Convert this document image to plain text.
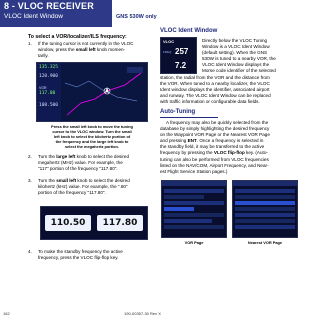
8 - VLOC RECEIVER
VLOC Ident Window	GNS 530W only
To select a VOR/localizer/ILS frequency:
1.	If the tuning cursor is not currently in the VLOC
window, press the small left knob momen-
tarily.
135.325
120.900
VOR
117.80
108.500
Press the small left knob to move the tuning
cursor to the VLOC window. Turn the small
left knob to select the kilohertz portion of
the frequency and the large left knob to
select the megahertz portion.
2.	Turn the large left knob to select the desired
megahertz (MHz) value. For example, the
"117" portion of the frequency "117.80".
3.	Turn the small left knob to select the desired
kilohertz (kHz) value. For example, the ".80"
portion of the frequency "117.80".
110.50	117.80
4.	To make the standby frequency the active
frequency, press the VLOC flip-flop key.
VLOC Ident Window
VLOC
FREQ 257
7.2
Directly below the VLOC Tuning
Window is a VLOC Ident Window
(default setting). When the GNS
530W is tuned to a nearby VOR, the
VLOC Ident Window displays the
Morse code identifier of the selected
station, the radial from the VOR and the distance from
the VOR. When tuned to a nearby localizer, the VLOC
Ident window displays the identifier, associated airport
and runway. The VLOC Ident Window can be replaced
with traffic information or configurable data fields.
Auto-Tuning
A frequency may also be quickly selected from the
database by simply highlighting the desired frequency
on the Waypoint VOR Page or the Nearest VOR Page
and pressing ENT. Once a frequency is selected in
the standby field, it may be transferred to the active
frequency by pressing the VLOC flip-flop key. (Auto-
tuning can also be performed from VLOC frequencies
listed on the NAV/COM, Airport Frequency, and Near-
est Flight Service Station pages.)
VOR Page	Nearest VOR Page
162	190-00357-30 Rev X
